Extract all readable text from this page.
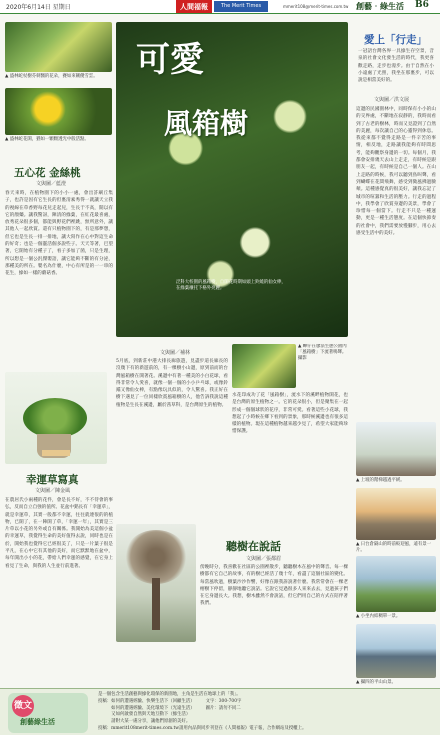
2020年6月14日 星期日	人間福報	The Merit Times	mmerit108@merit-times.com.tw 創藝‧綠生活 B6
▲ 盛林蛇杖樹芬刺醫的花朵，賽如來剛優雪雲。
▲ 盛林蛇花開，猶如一顆顆透光中般活點。
五心花 金絲桃
文與圖／藍澄
春天來時，在植物園下的小小一處，會出許刷丘集子，也許是因有它生長的但裏清素秀得一就讓天立我的視線在草香野每花兒走起兒，生長于不高，開以有它的顏藥。讓我驚訝，陳清的綠葉，在紅花最喜處，放秀花朵很多個，都能與野花們裡跳，無所意外，讓其他人一起欣賞。還有只植物園下的，有是那夢想，但它也是生長一排一排地，讓大寫作在心中對這生命的好奇；也是一個靈活個多說些子。天天等著，巴望著，它開始有分種子了，看子多加了菌，只是生理，所以想是一個公汎傑嬰語，讓它能夠不斷的有分泌，那種美的所在。嬰名為什麼，中心有所是的一一串的花生，綠如一樣的蘑菇香。
幸運草寫真
文與圖／陳金風
在農居氏小兩種的花件，會是長不好，不不待會的事弘，反而自立自強的值所。花盆中銘長有「幸運草」，就是幸運草，其實一般都不幸運，往往就連很的的植物，已開了，在一陣開了草，「幸運一年」，其實是三片草以小花的另外或自有關係。我開始為美這個小盆的幸運草，我覺得生命的美好值得去說，同時也是在於，開始我也覺得它已經很美了，只是一片葉子很是平凡，在心中它有其他的美好，而它默默地在盆中，每年開出小小的花，帶給人們幸運的感覺，在它身上看見了生命，與我的人生並行前進著。
可愛
風箱樹
泛科大校園的風箱樹，自開花時期如頭上鈴繞的仙女棒，在綠葉襯托下格外亮麗。
文與圖／補林
5月底，到新莊中港大排長廊旅遊，見盡步道長廊長的沒幾下有的新遊前的，有一棵樹小山邊，原到前而的台灣風箱樹在開著花。溪邊中有著一種美的小白花球，看得非常令人愛喜，就像一個一個的小小乒乓球，或像鈴鐺又像仙女棒，有點像玩具似的，令人驚喜。我正好在樹下遇見了一位同樣欣賞風箱樹的人，他告訴我說這種植物是生長在溪邊，屬於茜草科，是台灣原生的植物。
▲ 蟬仔在廖法生態公園內「風箱樹」下流著鳴聲。攝影
水花印成功了花「風箱樹」，流水下的溪畔植物開花，也是台灣的原生植物之一。它的花朵很小，但是聚集在一起形成一個個球狀的花序，非常可愛。看著這些小花球，我想起了小時候在鄉下看到的景象，那時候溪邊也有很多這樣的植物。現在這種植物越來越少見了，希望大家能夠珍惜保護。
聽樹在說話
文與圖／張都眉
傍晚時分，我喜歡在社區的公園裡散步，聽聽樹木在風中的聲音。每一棵樹都有它自己的故事，有的樹已經活了幾十年，看盡了這個社區的變化。每當風吹過，樹葉沙沙作響，好像在跟我訴說著什麼。我常常會在一棵老榕樹下停留，靜靜地聽它說話。它說它見過很多人來來去去，見過孩子們在它身邊長大。我想，樹木雖然不會說話，但它們用自己的方式在陪伴著我們。
愛上「行走」
一冠語台灣各界一具綠生存空景，音泉的社會文化發生活的時代，我更喜歡走路，走步也漫步。由于自然在小小遠處了光照，我坐在那裏步，可以說是相當美好的。
文與圖／洪文展
這邊的民國園林中，同時保有小小的山的交界處，不斷地在寂靜的，我時而看到了古老的樹林，時而又見證到了自然的美麗，每次讓自己的心靈得到休息。我從來都不覺得走路是一件辛苦的事情，相反地，走路讓我能夠有時間思考，能夠觀察身邊的一切。每個月，我都會安排幾天去山上走走，有時候是跟朋友一起，有時候是自己一個人。在山上走路的時候，我可以聽到鳥叫聲，看到蝴蝶在花間飛舞，感受到微風拂過臉頰。這種感覺真的很美好，讓我忘記了城市的喧囂和生活的壓力。行走的過程中，我學會了欣賞身邊的美景，學會了珍惜每一個當下。行走不只是一種運動，更是一種生活態度。在這個快節奏的社會中，我們需要放慢腳步，用心去感受生活中的美好。
▲ 上坡的階梯越過平緩。
▲ 日台倉隔山的時前較迎風，遠有景一片。
▲ 小坐內結稠單一景。
▲ 攝四的平山山景。
徵文
創藝綠生活
是一個包含生活創藝與綠化環保的新園地，主角是生活在地球上的「我」。
投稿：如何的遭遇經驗、快樂生活下（回顧生活）　　　文字：300-700字
　　　如何的遭遇經驗、美化環境下（光遠生活）　　　圖片：請勿不同二
　　　又如何啟發自然與天地互動下（綠生活）
　　　請附大某一處分享，讓他們原創的美好。
投稿：mmerit108merit-times.com.tw請用內品與同步刊登在《人間福報》電子報，合作網站及授權上。
